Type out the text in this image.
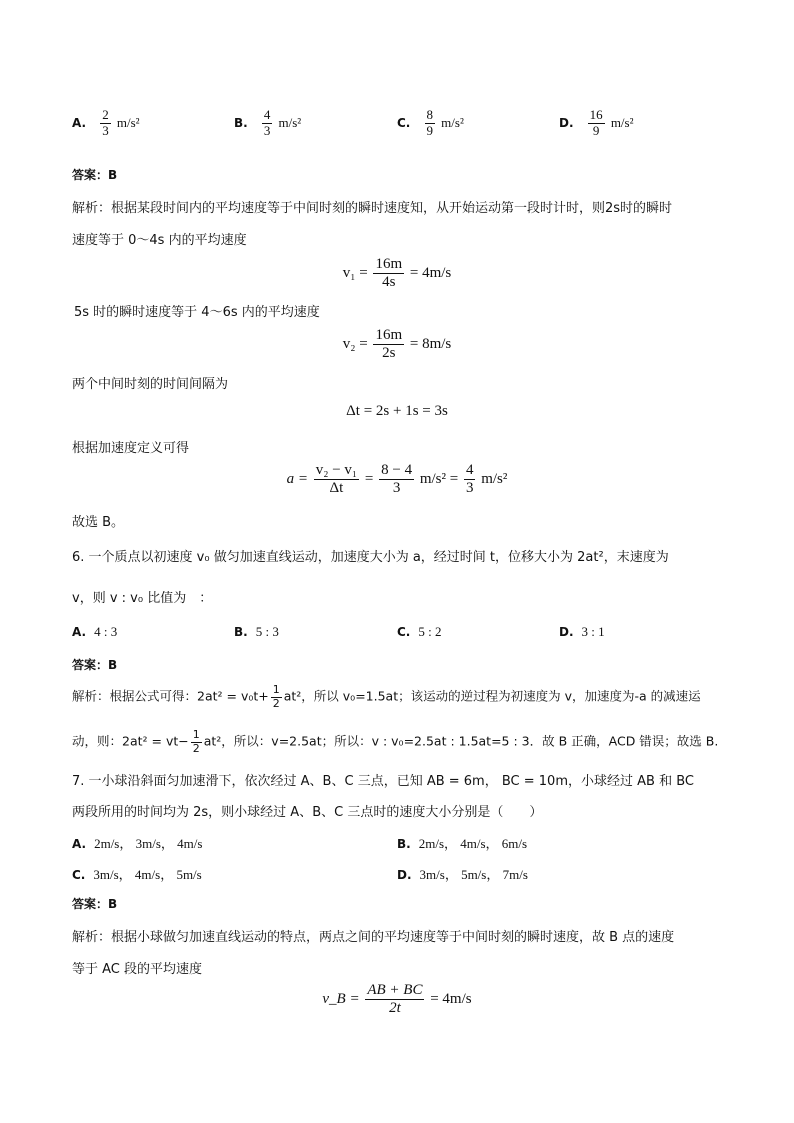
A. $\frac{2}{3} m/s^2$	B. $\frac{4}{3} m/s^2$	C. $\frac{8}{9} m/s^2$	D. $\frac{16}{9} m/s^2$
答案：B
解析：根据某段时间内的平均速度等于中间时刻的瞬时速度知，从开始运动第一段时计时，则2s时的瞬时
速度等于 0～4s 内的平均速度
$v_1 = \frac{16m}{4s} = 4m/s$
5s 时的瞬时速度等于 4～6s 内的平均速度
$v_2 = \frac{16m}{2s} = 8m/s$
两个中间时刻的时间间隔为
Δt = 2s + 1s = 3s
根据加速度定义可得
$a = \frac{\text{v₂ − v₁}}{\Delta t} = \frac{8 - 4}{3} m/s^2 = \frac{4}{3} m/s^2$
故选 B。
6. 一个质点以初速度 v₀ 做匀加速直线运动，加速度大小为 a，经过时间 t，位移大小为 2at²，末速度为
v，则 v : v₀ 比值为　：
A. 4 : 3	B. 5 : 3	C. 5 : 2	D. 3 : 1
答案：B
解析：根据公式可得：$2at^2 = v_0t+ \frac{1}{2} at^2$，所以 v₀=1.5at；该运动的逆过程为初速度为 v，加速度为-a 的减速运
动，则：$2at^2 = vt- \frac{1}{2} at^2$，所以：v=2.5at；所以：v : v₀=2.5at : 1.5at=5 : 3．故 B 正确，ACD 错误；故选 B.
7. 一小球沿斜面匀加速滑下，依次经过 A、B、C 三点，已知 AB = 6m， BC = 10m，小球经过 AB 和 BC
两段所用的时间均为 2s，则小球经过 A、B、C 三点时的速度大小分别是（　　）
A. 2m/s， 3m/s， 4m/s	B. 2m/s， 4m/s， 6m/s
C. 3m/s， 4m/s， 5m/s	D. 3m/s， 5m/s， 7m/s
答案：B
解析：根据小球做匀加速直线运动的特点，两点之间的平均速度等于中间时刻的瞬时速度，故 B 点的速度
等于 AC 段的平均速度
v_B = $\frac{AB + BC}{2t} = 4m/s$
